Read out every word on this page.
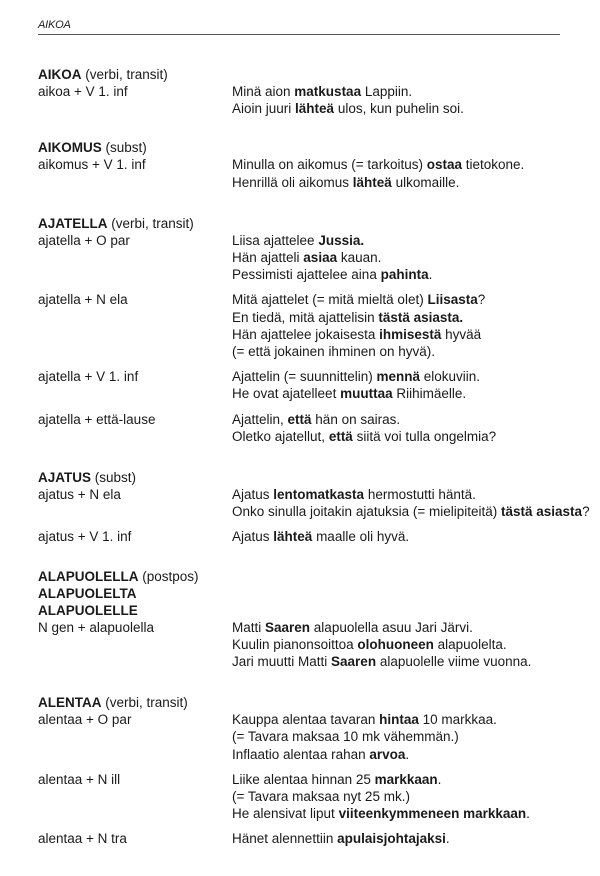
AIKOA
AIKOA (verbi, transit)
aikoa + V 1. inf	Minä aion matkustaa Lappiin.
Aioin juuri lähteä ulos, kun puhelin soi.
AIKOMUS (subst)
aikomus + V 1. inf	Minulla on aikomus (= tarkoitus) ostaa tietokone.
Henrillä oli aikomus lähteä ulkomaille.
AJATELLA (verbi, transit)
ajatella + O par	Liisa ajattelee Jussia.
Hän ajatteli asiaa kauan.
Pessimisti ajattelee aina pahinta.
ajatella + N ela	Mitä ajattelet (= mitä mieltä olet) Liisasta?
En tiedä, mitä ajattelisin tästä asiasta.
Hän ajattelee jokaisesta ihmisestä hyvää
(= että jokainen ihminen on hyvä).
ajatella + V 1. inf	Ajattelin (= suunnittelin) mennä elokuviin.
He ovat ajatelleet muuttaa Riihimäelle.
ajatella + että-lause	Ajattelin, että hän on sairas.
Oletko ajatellut, että siitä voi tulla ongelmia?
AJATUS (subst)
ajatus + N ela	Ajatus lentomatkasta hermostutti häntä.
Onko sinulla joitakin ajatuksia (= mielipiteitä) tästä asiasta?
ajatus + V 1. inf	Ajatus lähteä maalle oli hyvä.
ALAPUOLELLA (postpos)
ALAPUOLELTA
ALAPUOLELLE
N gen + alapuolella	Matti Saaren alapuolella asuu Jari Järvi.
Kuulin pianonsoittoa olohuoneen alapuolelta.
Jari muutti Matti Saaren alapuolelle viime vuonna.
ALENTAA (verbi, transit)
alentaa + O par	Kauppa alentaa tavaran hintaa 10 markkaa.
(= Tavara maksaa 10 mk vähemmän.)
Inflaatio alentaa rahan arvoa.
alentaa + N ill	Liike alentaa hinnan 25 markkaan.
(= Tavara maksaa nyt 25 mk.)
He alensivat liput viiteenkymmeneen markkaan.
alentaa + N tra	Hänet alennettiin apulaisjohtajaksi.
